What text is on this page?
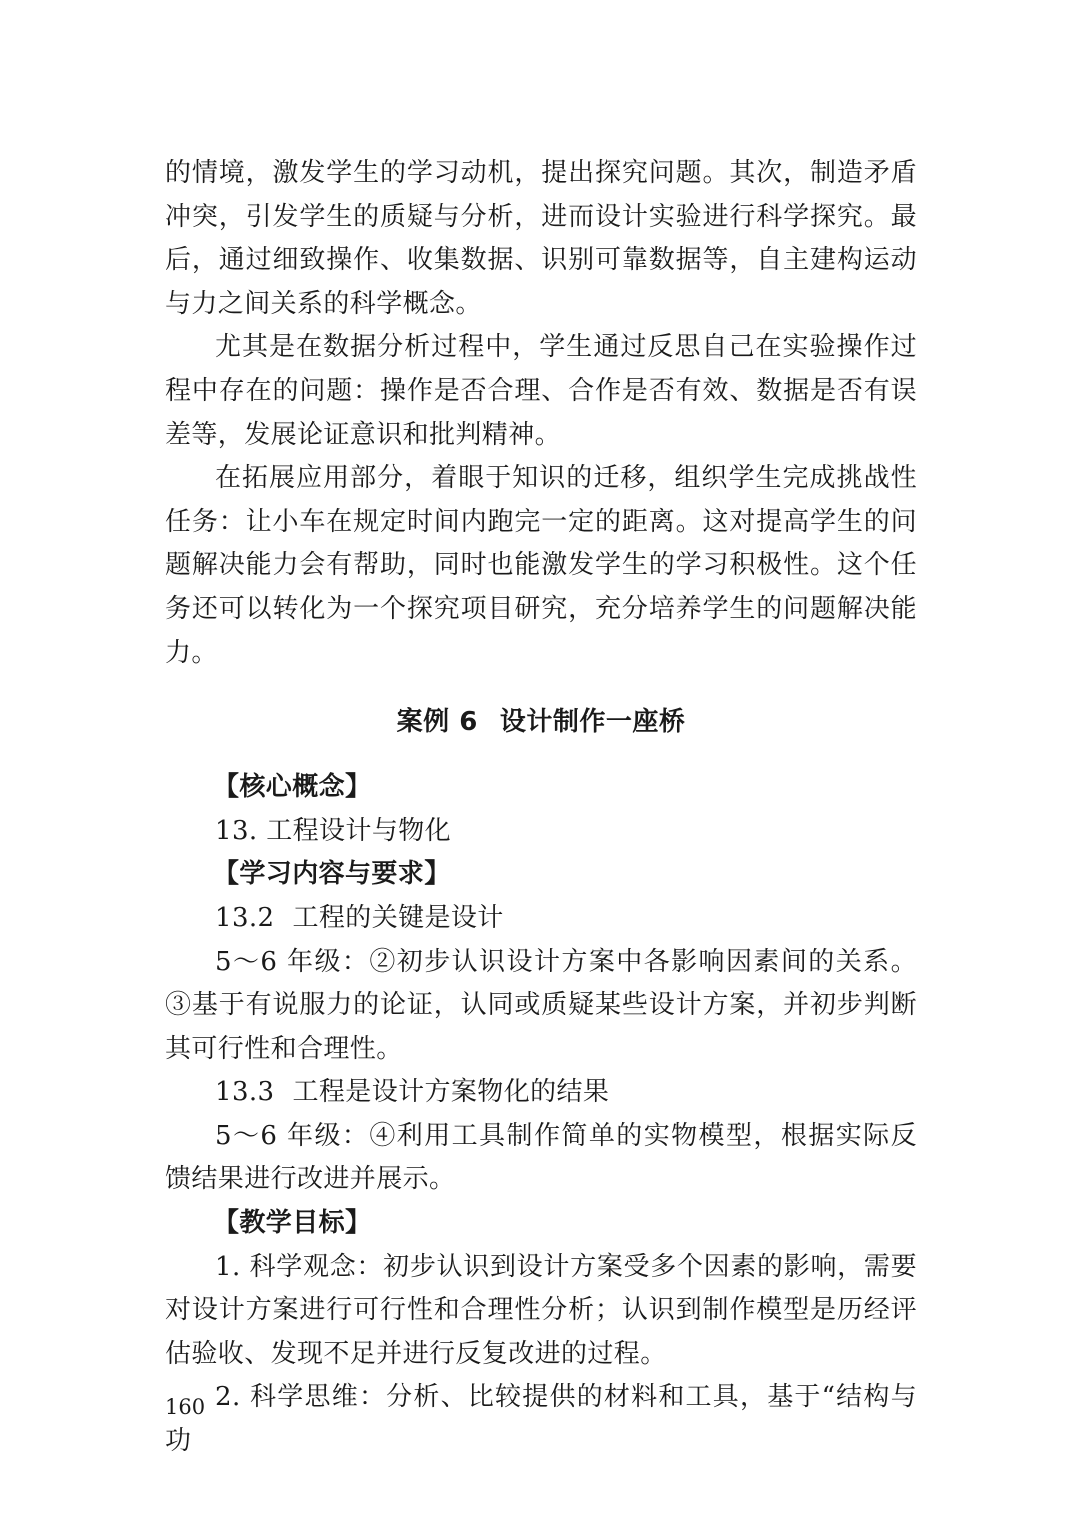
的情境，激发学生的学习动机，提出探究问题。其次，制造矛盾冲突，引发学生的质疑与分析，进而设计实验进行科学探究。最后，通过细致操作、收集数据、识别可靠数据等，自主建构运动与力之间关系的科学概念。

尤其是在数据分析过程中，学生通过反思自己在实验操作过程中存在的问题：操作是否合理、合作是否有效、数据是否有误差等，发展论证意识和批判精神。

在拓展应用部分，着眼于知识的迁移，组织学生完成挑战性任务：让小车在规定时间内跑完一定的距离。这对提高学生的问题解决能力会有帮助，同时也能激发学生的学习积极性。这个任务还可以转化为一个探究项目研究，充分培养学生的问题解决能力。

案例 6 设计制作一座桥

【核心概念】

13. 工程设计与物化

【学习内容与要求】

13.2 工程的关键是设计

5～6 年级：②初步认识设计方案中各影响因素间的关系。③基于有说服力的论证，认同或质疑某些设计方案，并初步判断其可行性和合理性。

13.3 工程是设计方案物化的结果

5～6 年级：④利用工具制作简单的实物模型，根据实际反馈结果进行改进并展示。

【教学目标】

1. 科学观念：初步认识到设计方案受多个因素的影响，需要对设计方案进行可行性和合理性分析；认识到制作模型是历经评估验收、发现不足并进行反复改进的过程。

2. 科学思维：分析、比较提供的材料和工具，基于“结构与功

160
